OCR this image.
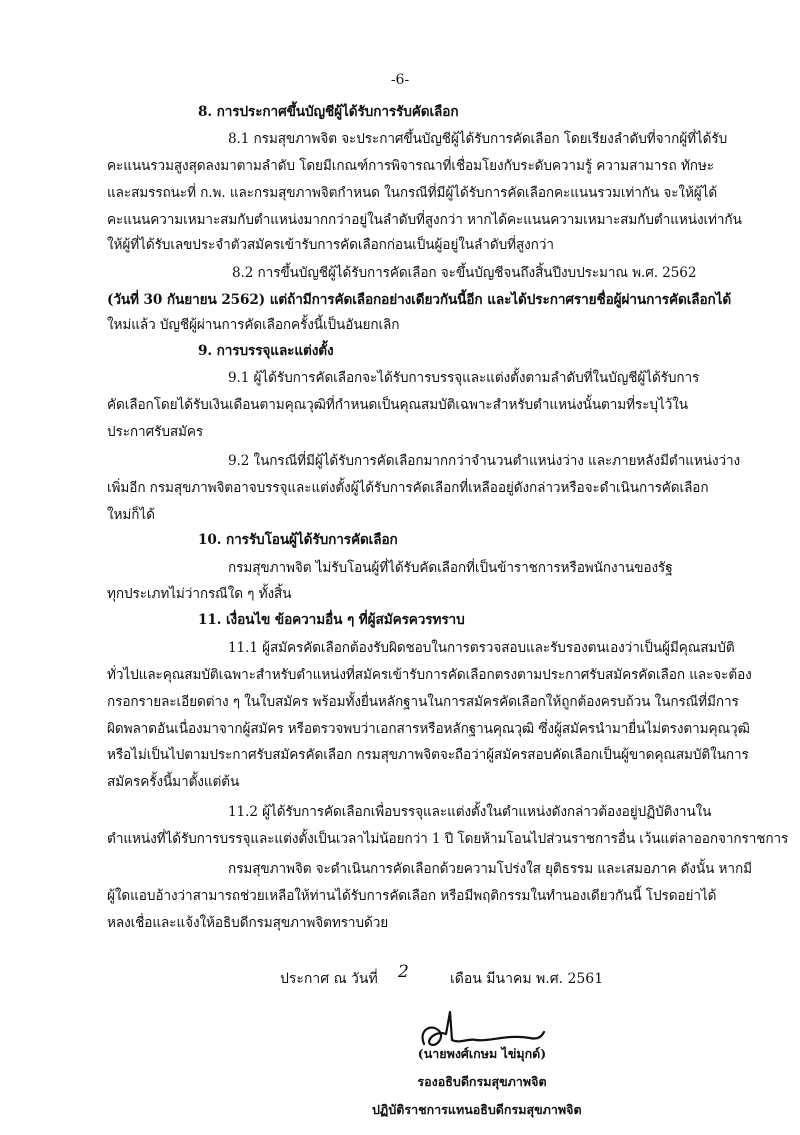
-6-
8. การประกาศขึ้นบัญชีผู้ได้รับการรับคัดเลือก
8.1 กรมสุขภาพจิต จะประกาศขึ้นบัญชีผู้ได้รับการคัดเลือก โดยเรียงลำดับที่จากผู้ที่ได้รับ
คะแนนรวมสูงสุดลงมาตามลำดับ โดยมีเกณฑ์การพิจารณาที่เชื่อมโยงกับระดับความรู้ ความสามารถ ทักษะ
และสมรรถนะที่ ก.พ. และกรมสุขภาพจิตกำหนด ในกรณีที่มีผู้ได้รับการคัดเลือกคะแนนรวมเท่ากัน จะให้ผู้ได้
คะแนนความเหมาะสมกับตำแหน่งมากกว่าอยู่ในลำดับที่สูงกว่า หากได้คะแนนความเหมาะสมกับตำแหน่งเท่ากัน
ให้ผู้ที่ได้รับเลขประจำตัวสมัครเข้ารับการคัดเลือกก่อนเป็นผู้อยู่ในลำดับที่สูงกว่า
8.2 การขึ้นบัญชีผู้ได้รับการคัดเลือก จะขึ้นบัญชีจนถึงสิ้นปีงบประมาณ พ.ศ. 2562
(วันที่ 30 กันยายน 2562) แต่ถ้ามีการคัดเลือกอย่างเดียวกันนี้อีก และได้ประกาศรายชื่อผู้ผ่านการคัดเลือกได้
ใหม่แล้ว บัญชีผู้ผ่านการคัดเลือกครั้งนี้เป็นอันยกเลิก
9. การบรรจุและแต่งตั้ง
9.1 ผู้ได้รับการคัดเลือกจะได้รับการบรรจุและแต่งตั้งตามลำดับที่ในบัญชีผู้ได้รับการ
คัดเลือกโดยได้รับเงินเดือนตามคุณวุฒิที่กำหนดเป็นคุณสมบัติเฉพาะสำหรับตำแหน่งนั้นตามที่ระบุไว้ใน
ประกาศรับสมัคร
9.2 ในกรณีที่มีผู้ได้รับการคัดเลือกมากกว่าจำนวนตำแหน่งว่าง และภายหลังมีตำแหน่งว่าง
เพิ่มอีก กรมสุขภาพจิตอาจบรรจุและแต่งตั้งผู้ได้รับการคัดเลือกที่เหลืออยู่ดังกล่าวหรือจะดำเนินการคัดเลือก
ใหม่ก็ได้
10. การรับโอนผู้ได้รับการคัดเลือก
กรมสุขภาพจิต ไม่รับโอนผู้ที่ได้รับคัดเลือกที่เป็นข้าราชการหรือพนักงานของรัฐ
ทุกประเภทไม่ว่ากรณีใด ๆ ทั้งสิ้น
11. เงื่อนไข ข้อความอื่น ๆ ที่ผู้สมัครควรทราบ
11.1 ผู้สมัครคัดเลือกต้องรับผิดชอบในการตรวจสอบและรับรองตนเองว่าเป็นผู้มีคุณสมบัติ
ทั่วไปและคุณสมบัติเฉพาะสำหรับตำแหน่งที่สมัครเข้ารับการคัดเลือกตรงตามประกาศรับสมัครคัดเลือก และจะต้อง
กรอกรายละเอียดต่าง ๆ ในใบสมัคร พร้อมทั้งยื่นหลักฐานในการสมัครคัดเลือกให้ถูกต้องครบถ้วน ในกรณีที่มีการ
ผิดพลาดอันเนื่องมาจากผู้สมัคร หรือตรวจพบว่าเอกสารหรือหลักฐานคุณวุฒิ ซึ่งผู้สมัครนำมายื่นไม่ตรงตามคุณวุฒิ
หรือไม่เป็นไปตามประกาศรับสมัครคัดเลือก กรมสุขภาพจิตจะถือว่าผู้สมัครสอบคัดเลือกเป็นผู้ขาดคุณสมบัติในการ
สมัครครั้งนี้มาตั้งแต่ต้น
11.2 ผู้ได้รับการคัดเลือกเพื่อบรรจุและแต่งตั้งในตำแหน่งดังกล่าวต้องอยู่ปฏิบัติงานใน
ตำแหน่งที่ได้รับการบรรจุและแต่งตั้งเป็นเวลาไม่น้อยกว่า 1 ปี โดยห้ามโอนไปส่วนราชการอื่น เว้นแต่ลาออกจากราชการ
กรมสุขภาพจิต จะดำเนินการคัดเลือกด้วยความโปร่งใส ยุติธรรม และเสมอภาค ดังนั้น หากมี
ผู้ใดแอบอ้างว่าสามารถช่วยเหลือให้ท่านได้รับการคัดเลือก หรือมีพฤติกรรมในทำนองเดียวกันนี้ โปรดอย่าได้
หลงเชื่อและแจ้งให้อธิบดีกรมสุขภาพจิตทราบด้วย
ประกาศ ณ วันที่ 2	เดือน มีนาคม พ.ศ. 2561
(นายพงศ์เกษม ไข่มุกด์)
รองอธิบดีกรมสุขภาพจิต
ปฏิบัติราชการแทนอธิบดีกรมสุขภาพจิต
